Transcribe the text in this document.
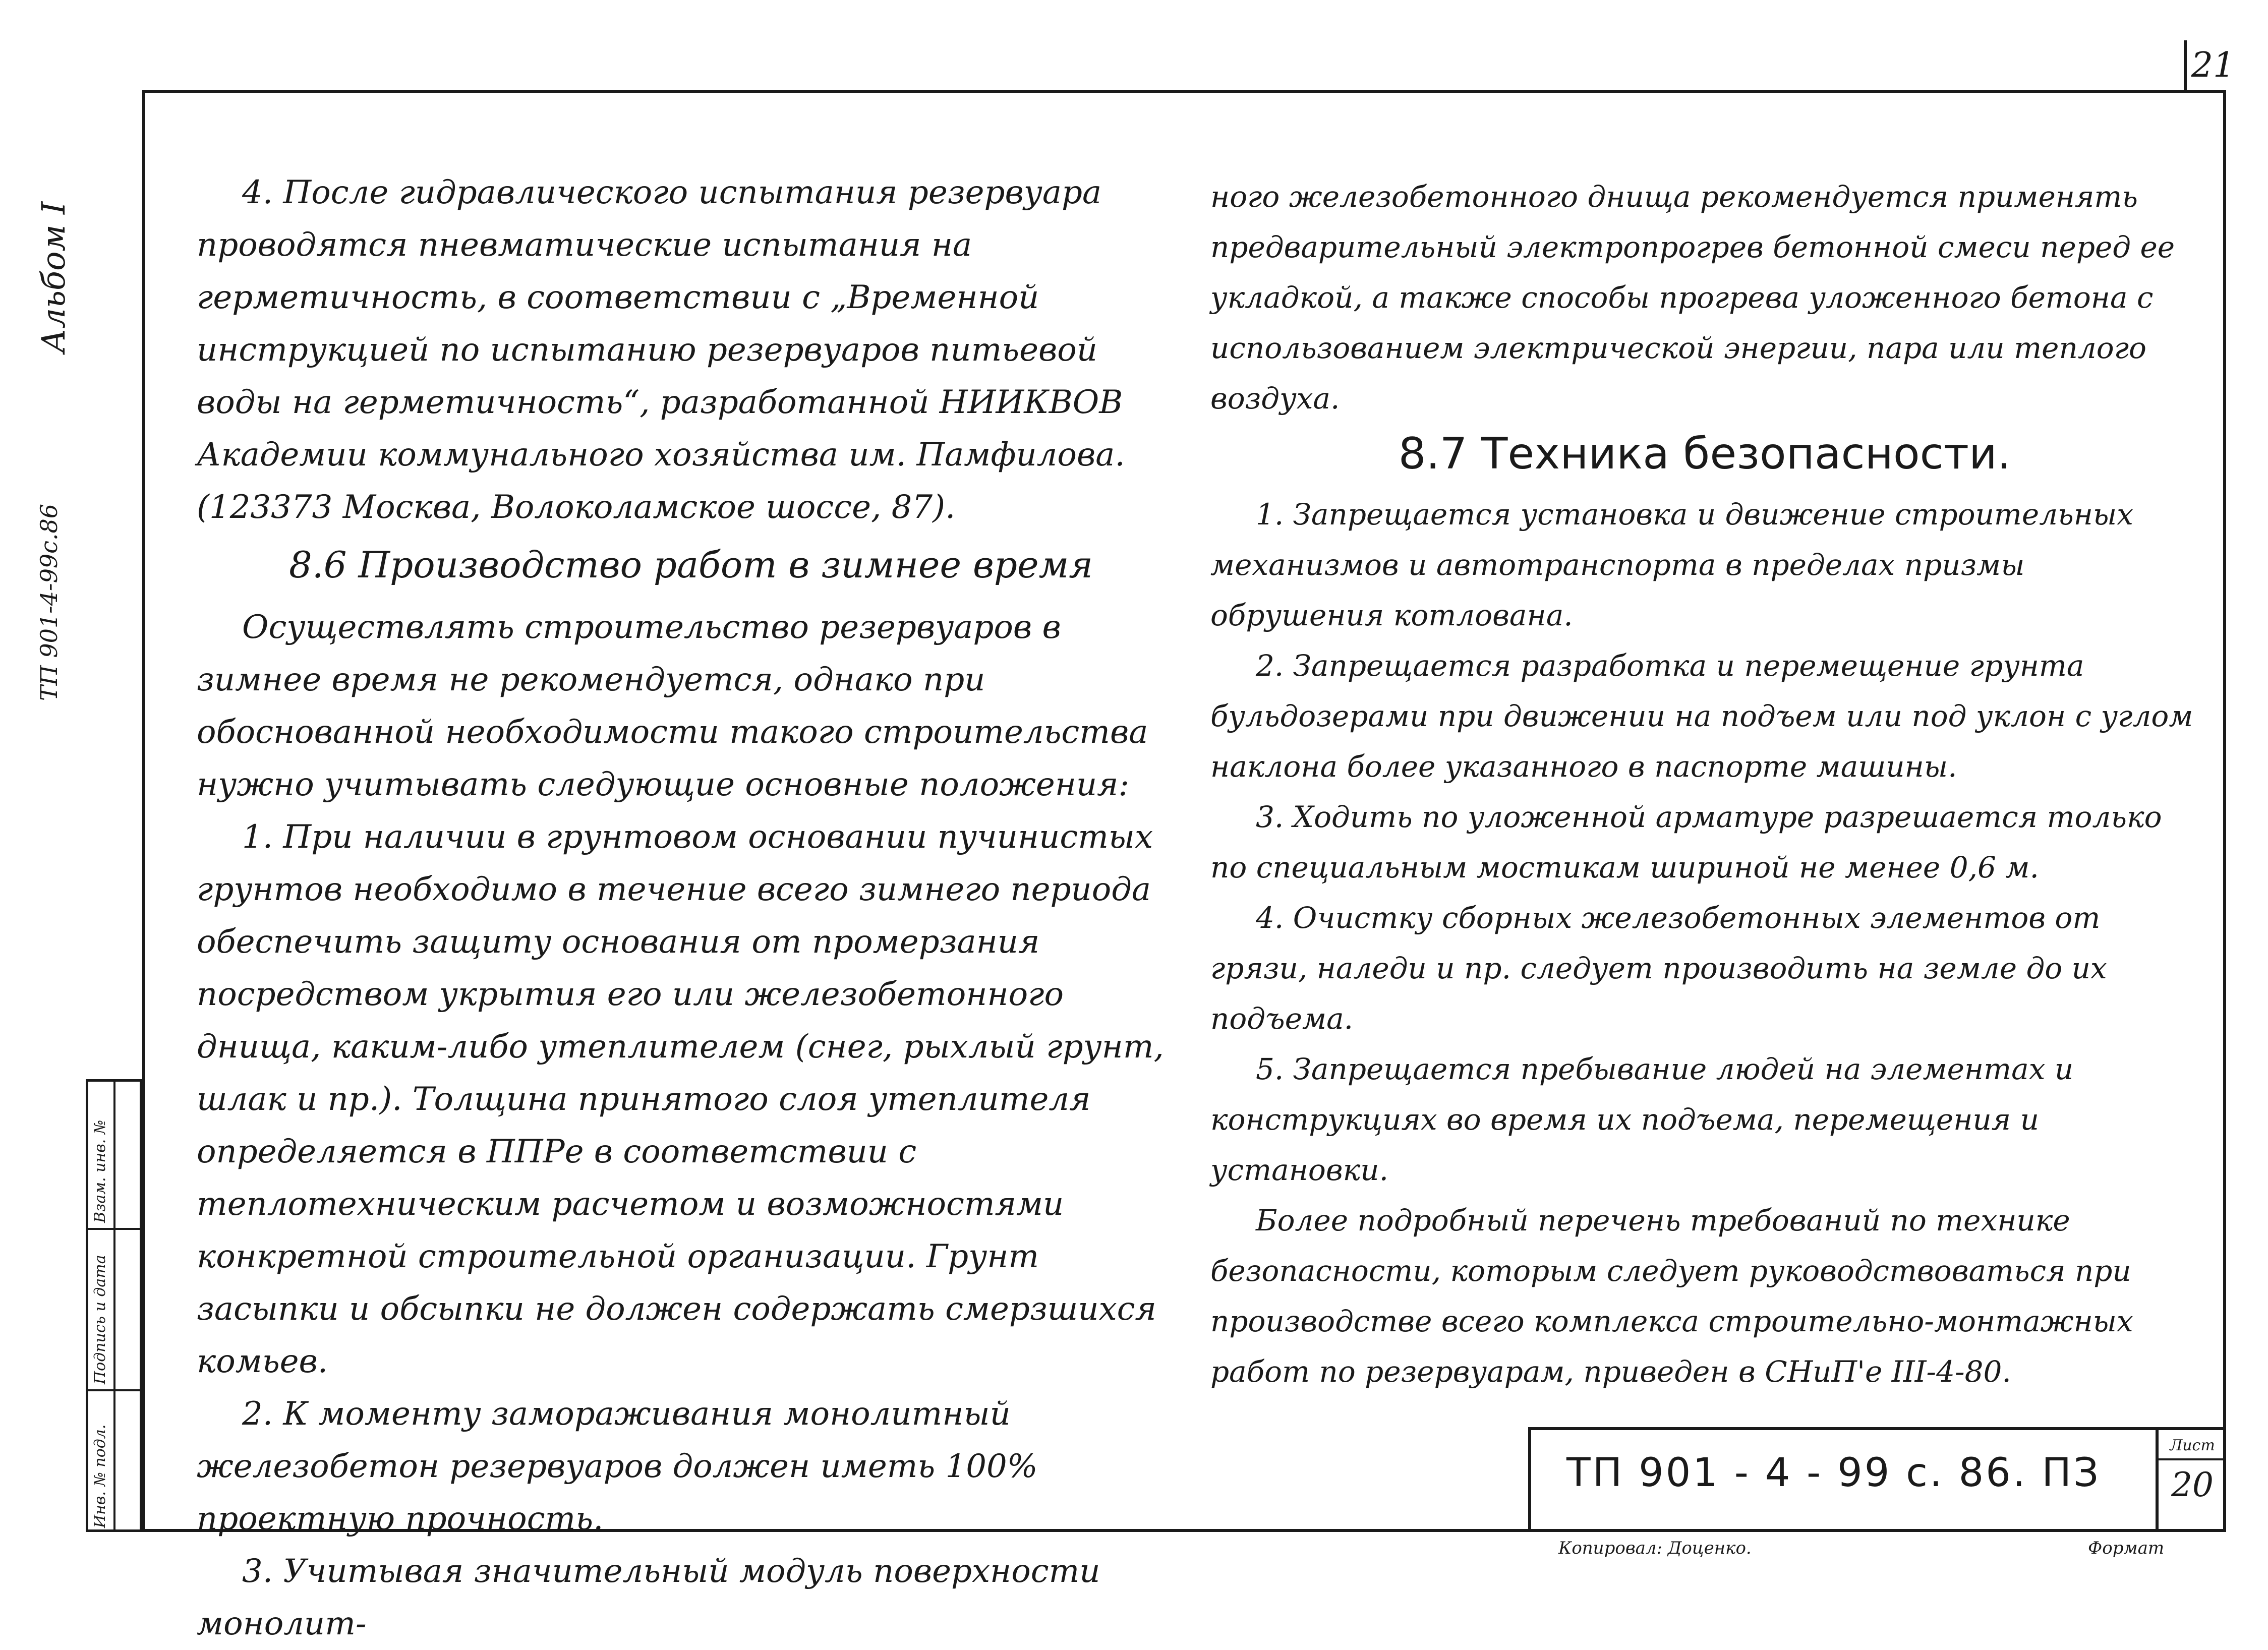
21
Альбом I
ТП 901-4-99с.86
Инв. № подл.
Подпись и дата
Взам. инв. №

4. После гидравлического испытания резервуара проводятся пневматические испытания на герметичность, в соответствии с „Временной инструкцией по испытанию резервуаров питьевой воды на герметичность“, разработанной НИИКВОВ Академии коммунального хозяйства им. Памфилова. (123373 Москва, Волоколамское шоссе, 87).

8.6 Производство работ в зимнее время

Осуществлять строительство резервуаров в зимнее время не рекомендуется, однако при обоснованной необходимости такого строительства нужно учитывать следующие основные положения:

1. При наличии в грунтовом основании пучинистых грунтов необходимо в течение всего зимнего периода обеспечить защиту основания от промерзания посредством укрытия его или железобетонного днища, каким-либо утеплителем (снег, рыхлый грунт, шлак и пр.). Толщина принятого слоя утеплителя определяется в ППРе в соответствии с теплотехническим расчетом и возможностями конкретной строительной организации. Грунт засыпки и обсыпки не должен содержать смерзшихся комьев.

2. К моменту замораживания монолитный железобетон резервуаров должен иметь 100% проектную прочность.

3. Учитывая значительный модуль поверхности монолит-

ного железобетонного днища рекомендуется применять предварительный электропрогрев бетонной смеси перед ее укладкой, а также способы прогрева уложенного бетона с использованием электрической энергии, пара или теплого воздуха.

8.7 Техника безопасности.

1. Запрещается установка и движение строительных механизмов и автотранспорта в пределах призмы обрушения котлована.

2. Запрещается разработка и перемещение грунта бульдозерами при движении на подъем или под уклон с углом наклона более указанного в паспорте машины.

3. Ходить по уложенной арматуре разрешается только по специальным мостикам шириной не менее 0,6 м.

4. Очистку сборных железобетонных элементов от грязи, наледи и пр. следует производить на земле до их подъема.

5. Запрещается пребывание людей на элементах и конструкциях во время их подъема, перемещения и установки.

Более подробный перечень требований по технике безопасности, которым следует руководствоваться при производстве всего комплекса строительно-монтажных работ по резервуарам, приведен в СНиП'е III-4-80.

ТП 901 - 4 - 99 с. 86. ПЗ
Лист
20
Копировал: Доценко.	Формат
